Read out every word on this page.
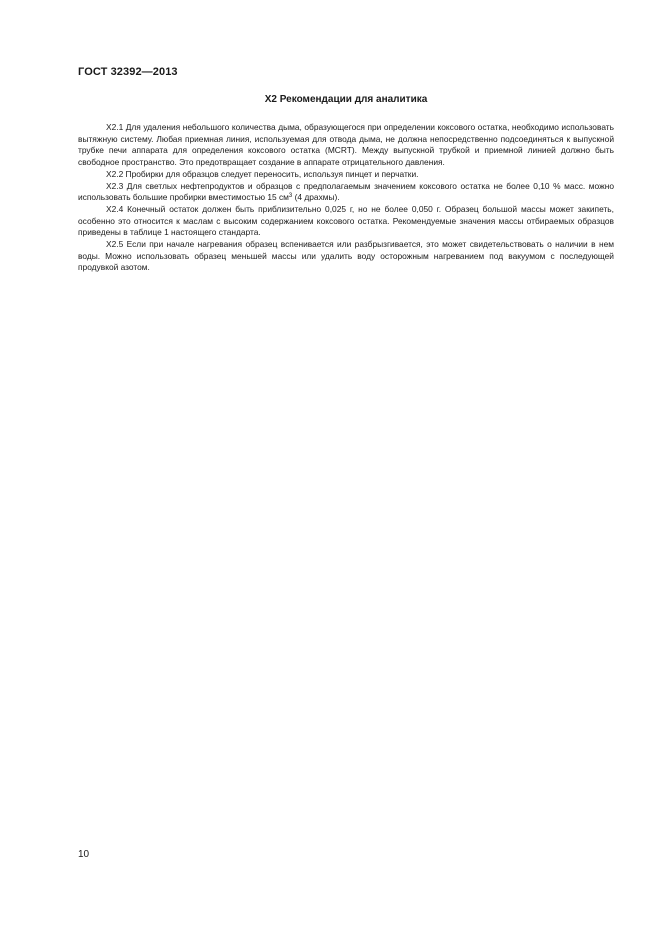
ГОСТ 32392—2013
X2 Рекомендации для аналитика

X2.1 Для удаления небольшого количества дыма, образующегося при определении коксового остатка, необходимо использовать вытяжную систему. Любая приемная линия, используемая для отвода дыма, не должна непосредственно подсоединяться к выпускной трубке печи аппарата для определения коксового остатка (MCRT). Между выпускной трубкой и приемной линией должно быть свободное пространство. Это предотвращает создание в аппарате отрицательного давления.

X2.2 Пробирки для образцов следует переносить, используя пинцет и перчатки.

X2.3 Для светлых нефтепродуктов и образцов с предполагаемым значением коксового остатка не более 0,10 % масс. можно использовать большие пробирки вместимостью 15 $см^3$ (4 драхмы).

X2.4 Конечный остаток должен быть приблизительно 0,025 г, но не более 0,050 г. Образец большой массы может закипеть, особенно это относится к маслам с высоким содержанием коксового остатка. Рекомендуемые значения массы отбираемых образцов приведены в таблице 1 настоящего стандарта.

X2.5 Если при начале нагревания образец вспенивается или разбрызгивается, это может свидетельствовать о наличии в нем воды. Можно использовать образец меньшей массы или удалить воду осторожным нагреванием под вакуумом с последующей продувкой азотом.

10
